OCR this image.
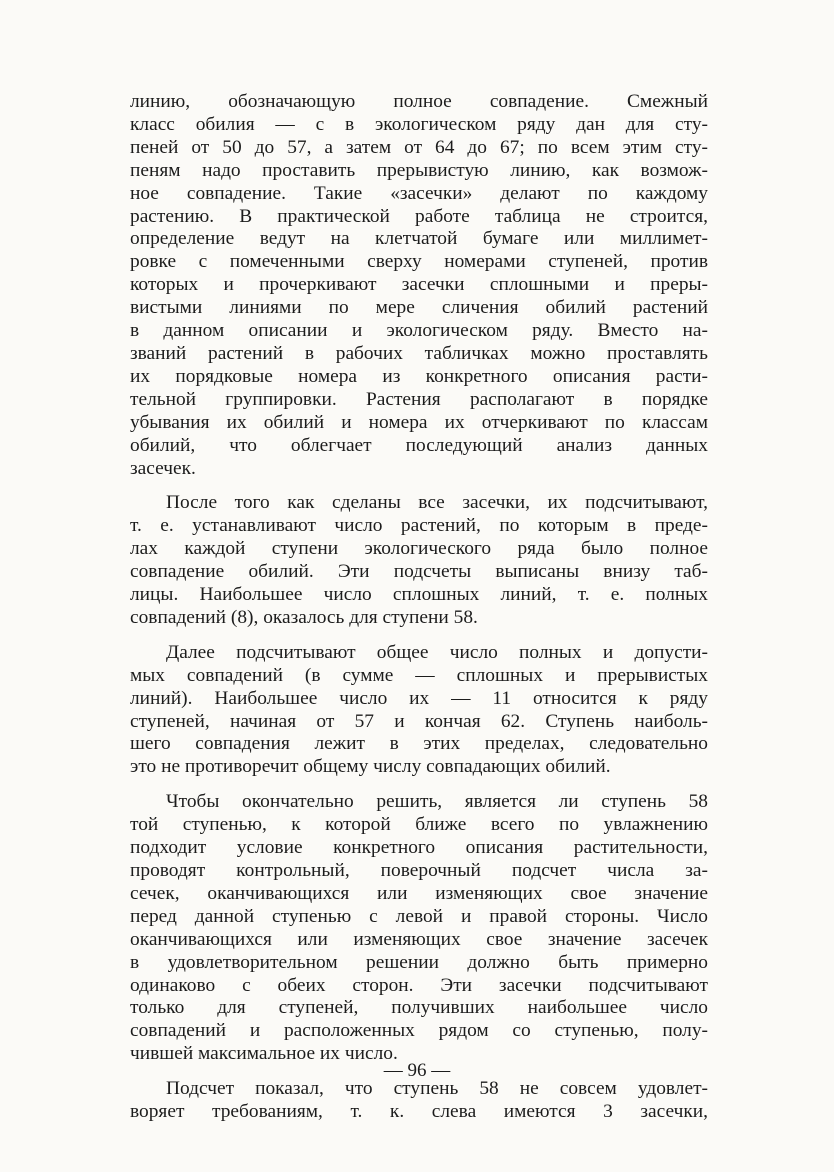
линию, обозначающую полное совпадение. Смежный
класс обилия — с в экологическом ряду дан для сту-
пеней от 50 до 57, а затем от 64 до 67; по всем этим сту-
пеням надо проставить прерывистую линию, как возмож-
ное совпадение. Такие «засечки» делают по каждому
растению. В практической работе таблица не строится,
определение ведут на клетчатой бумаге или миллимет-
ровке с помеченными сверху номерами ступеней, против
которых и прочеркивают засечки сплошными и преры-
вистыми линиями по мере сличения обилий растений
в данном описании и экологическом ряду. Вместо на-
званий растений в рабочих табличках можно проставлять
их порядковые номера из конкретного описания расти-
тельной группировки. Растения располагают в порядке
убывания их обилий и номера их отчеркивают по классам
обилий, что облегчает последующий анализ данных
засечек.

После того как сделаны все засечки, их подсчитывают,
т. е. устанавливают число растений, по которым в преде-
лах каждой ступени экологического ряда было полное
совпадение обилий. Эти подсчеты выписаны внизу таб-
лицы. Наибольшее число сплошных линий, т. е. полных
совпадений (8), оказалось для ступени 58.

Далее подсчитывают общее число полных и допусти-
мых совпадений (в сумме — сплошных и прерывистых
линий). Наибольшее число их — 11 относится к ряду
ступеней, начиная от 57 и кончая 62. Ступень наиболь-
шего совпадения лежит в этих пределах, следовательно
это не противоречит общему числу совпадающих обилий.

Чтобы окончательно решить, является ли ступень 58
той ступенью, к которой ближе всего по увлажнению
подходит условие конкретного описания растительности,
проводят контрольный, поверочный подсчет числа за-
сечек, оканчивающихся или изменяющих свое значение
перед данной ступенью с левой и правой стороны. Число
оканчивающихся или изменяющих свое значение засечек
в удовлетворительном решении должно быть примерно
одинаково с обеих сторон. Эти засечки подсчитывают
только для ступеней, получивших наибольшее число
совпадений и расположенных рядом со ступенью, полу-
чившей максимальное их число.

Подсчет показал, что ступень 58 не совсем удовлет-
воряет требованиям, т. к. слева имеются 3 засечки,

— 96 —
